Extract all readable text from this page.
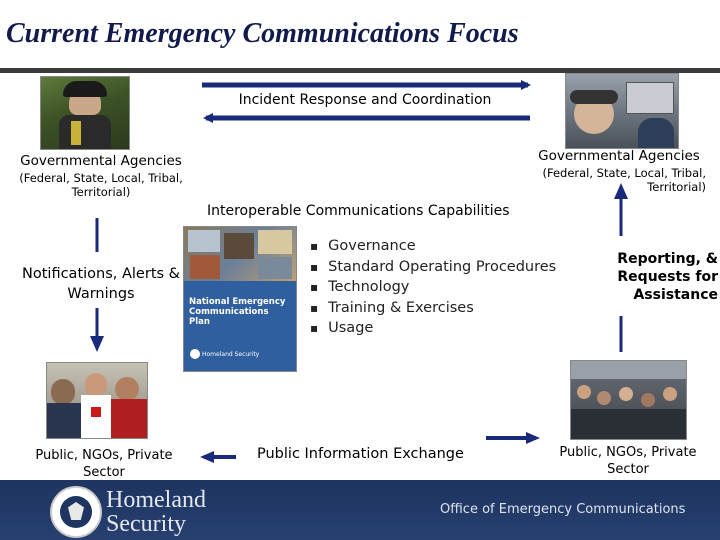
Current Emergency Communications Focus
Incident Response and Coordination
Governmental Agencies
(Federal, State, Local, Tribal, Territorial)
Governmental Agencies
(Federal, State, Local, Tribal, Territorial)
Interoperable Communications Capabilities
National Emergency Communications Plan
Homeland Security
▪ Governance
▪ Standard Operating Procedures
▪ Technology
▪ Training & Exercises
▪ Usage
Reporting, & Requests for Assistance
Notifications, Alerts & Warnings
Public, NGOs, Private Sector
Public, NGOs, Private Sector
Public Information Exchange
Homeland Security
Office of Emergency Communications
